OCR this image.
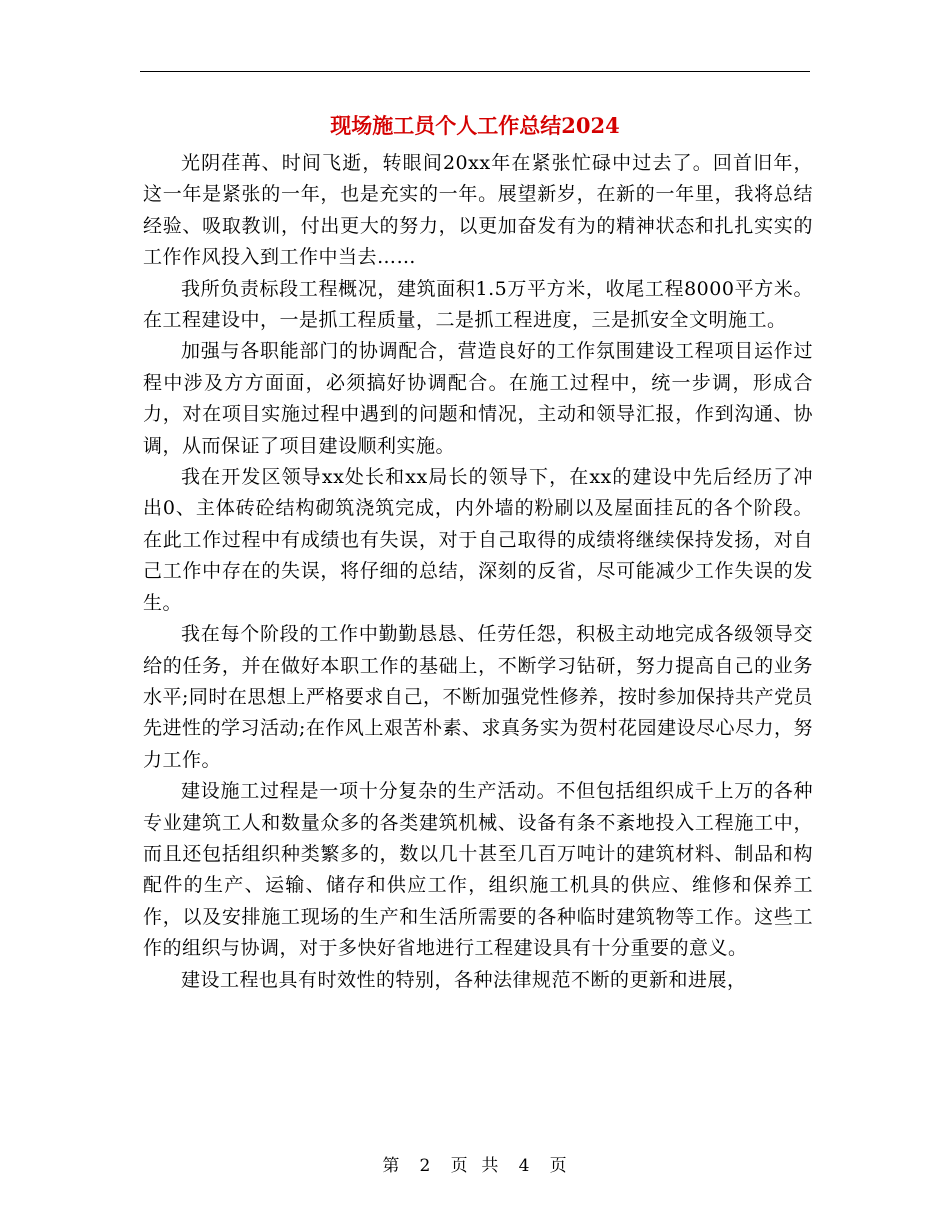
现场施工员个人工作总结2024

光阴荏苒、时间飞逝，转眼间20xx年在紧张忙碌中过去了。回首旧年，这一年是紧张的一年，也是充实的一年。展望新岁，在新的一年里，我将总结经验、吸取教训，付出更大的努力，以更加奋发有为的精神状态和扎扎实实的工作作风投入到工作中当去……

我所负责标段工程概况，建筑面积1.5万平方米，收尾工程8000平方米。在工程建设中，一是抓工程质量，二是抓工程进度，三是抓安全文明施工。

加强与各职能部门的协调配合，营造良好的工作氛围建设工程项目运作过程中涉及方方面面，必须搞好协调配合。在施工过程中，统一步调，形成合力，对在项目实施过程中遇到的问题和情况，主动和领导汇报，作到沟通、协调，从而保证了项目建设顺利实施。

我在开发区领导xx处长和xx局长的领导下，在xx的建设中先后经历了冲出0、主体砖砼结构砌筑浇筑完成，内外墙的粉刷以及屋面挂瓦的各个阶段。在此工作过程中有成绩也有失误，对于自己取得的成绩将继续保持发扬，对自己工作中存在的失误，将仔细的总结，深刻的反省，尽可能减少工作失误的发生。

我在每个阶段的工作中勤勤恳恳、任劳任怨，积极主动地完成各级领导交给的任务，并在做好本职工作的基础上，不断学习钻研，努力提高自己的业务水平;同时在思想上严格要求自己，不断加强党性修养，按时参加保持共产党员先进性的学习活动;在作风上艰苦朴素、求真务实为贺村花园建设尽心尽力，努力工作。

建设施工过程是一项十分复杂的生产活动。不但包括组织成千上万的各种专业建筑工人和数量众多的各类建筑机械、设备有条不紊地投入工程施工中，而且还包括组织种类繁多的，数以几十甚至几百万吨计的建筑材料、制品和构配件的生产、运输、储存和供应工作，组织施工机具的供应、维修和保养工作，以及安排施工现场的生产和生活所需要的各种临时建筑物等工作。这些工作的组织与协调，对于多快好省地进行工程建设具有十分重要的意义。

建设工程也具有时效性的特别，各种法律规范不断的更新和进展，

第 2 页  共 4 页
